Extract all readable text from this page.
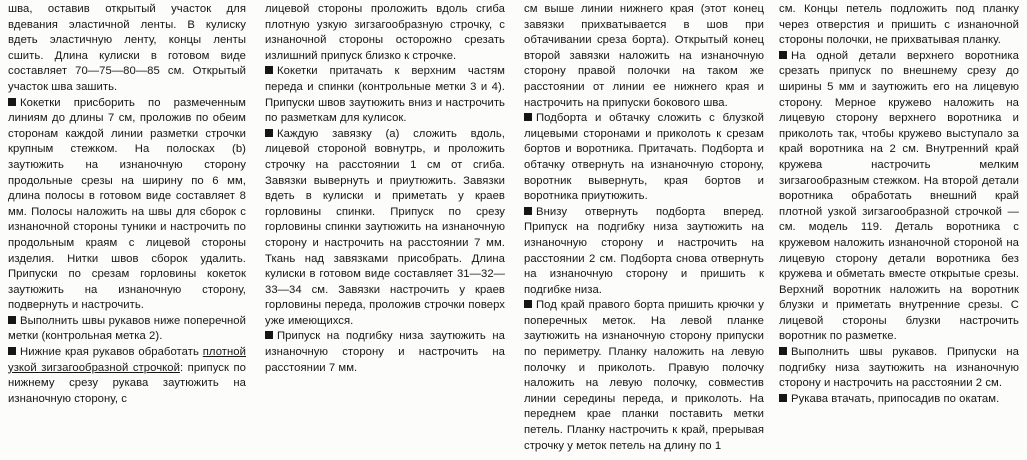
шва, оставив открытый участок для вдевания эластичной ленты. В кулиску вдеть эластичную ленту, концы ленты сшить. Длина кулиски в готовом виде составляет 70—75—80—85 см. Открытый участок шва зашить.

Кокетки присборить по размеченным линиям до длины 7 см, проложив по обеим сторонам каждой линии разметки строчки крупным стежком. На полосках (b) заутюжить на изнаночную сторону продольные срезы на ширину по 6 мм, длина полосы в готовом виде составляет 8 мм. Полосы наложить на швы для сборок с изнаночной стороны туники и настрочить по продольным краям с лицевой стороны изделия. Нитки швов сборок удалить. Припуски по срезам горловины кокеток заутюжить на изнаночную сторону, подвернуть и настрочить.

Выполнить швы рукавов ниже поперечной метки (контрольная метка 2).

Нижние края рукавов обработать плотной узкой зигзагообразной строчкой: припуск по нижнему срезу рукава заутюжить на изнаночную сторону, с

лицевой стороны проложить вдоль сгиба плотную узкую зигзагообразную строчку, с изнаночной стороны осторожно срезать излишний припуск близко к строчке.

Кокетки притачать к верхним частям переда и спинки (контрольные метки 3 и 4). Припуски швов заутюжить вниз и настрочить по разметкам для кулисок.

Каждую завязку (a) сложить вдоль, лицевой стороной вовнутрь, и проложить строчку на расстоянии 1 см от сгиба. Завязки вывернуть и приутюжить. Завязки вдеть в кулиски и приметать у краев горловины спинки. Припуск по срезу горловины спинки заутюжить на изнаночную сторону и настрочить на расстоянии 7 мм. Ткань над завязками присобрать. Длина кулиски в готовом виде составляет 31—32—33—34 см. Завязки настрочить у краев горловины переда, проложив строчки поверх уже имеющихся.

Припуск на подгибку низа заутюжить на изнаночную сторону и настрочить на расстоянии 7 мм.

см выше линии нижнего края (этот конец завязки прихватывается в шов при обтачивании среза борта). Открытый конец второй завязки наложить на изнаночную сторону правой полочки на таком же расстоянии от линии ее нижнего края и настрочить на припуски бокового шва.

Подборта и обтачку сложить с блузкой лицевыми сторонами и приколоть к срезам бортов и воротника. Притачать. Подборта и обтачку отвернуть на изнаночную сторону, воротник вывернуть, края бортов и воротника приутюжить.

Внизу отвернуть подборта вперед. Припуск на подгибку низа заутюжить на изнаночную сторону и настрочить на расстоянии 2 см. Подборта снова отвернуть на изнаночную сторону и пришить к подгибке низа.

Под край правого борта пришить крючки у поперечных меток. На левой планке заутюжить на изнаночную сторону припуски по периметру. Планку наложить на левую полочку и приколоть. Правую полочку наложить на левую полочку, совместив линии середины переда, и приколоть. На переднем крае планки поставить метки петель. Планку настрочить к край, прерывая строчку у меток петель на длину по 1

см. Концы петель подложить под планку через отверстия и пришить с изнаночной стороны полочки, не прихватывая планку.

На одной детали верхнего воротника срезать припуск по внешнему срезу до ширины 5 мм и заутюжить его на лицевую сторону. Мерное кружево наложить на лицевую сторону верхнего воротника и приколоть так, чтобы кружево выступало за край воротника на 2 см. Внутренний край кружева настрочить мелким зигзагообразным стежком. На второй детали воротника обработать внешний край плотной узкой зигзагообразной строчкой — см. модель 119. Деталь воротника с кружевом наложить изнаночной стороной на лицевую сторону детали воротника без кружева и обметать вместе открытые срезы. Верхний воротник наложить на воротник блузки и приметать внутренние срезы. С лицевой стороны блузки настрочить воротник по разметке.

Выполнить швы рукавов. Припуски на подгибку низа заутюжить на изнаночную сторону и настрочить на расстоянии 2 см.

Рукава втачать, припосадив по окатам.
